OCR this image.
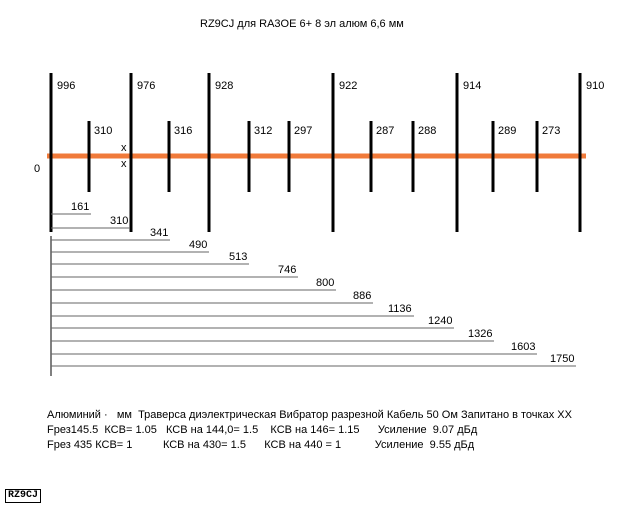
RZ9CJ для RA3OE 6+ 8 эл алюм 6,6 мм
0
x
x
996	976	928	922	914	910
310	316	312 297	287 288	289 273
161
310
341
490
513
746
800
886
1136
1240
1326
1603
1750
Алюминий ·   мм  Траверса диэлектрическая Вибратор разрезной Кабель 50 Ом Запитано в точках XX
Fрез145.5  КСВ= 1.05   КСВ на 144,0= 1.5    КСВ на 146= 1.15      Усиление  9.07 дБд
Fрез 435 КСВ= 1          КСВ на 430= 1.5      КСВ на 440 = 1           Усиление  9.55 дБд
RZ9CJ
